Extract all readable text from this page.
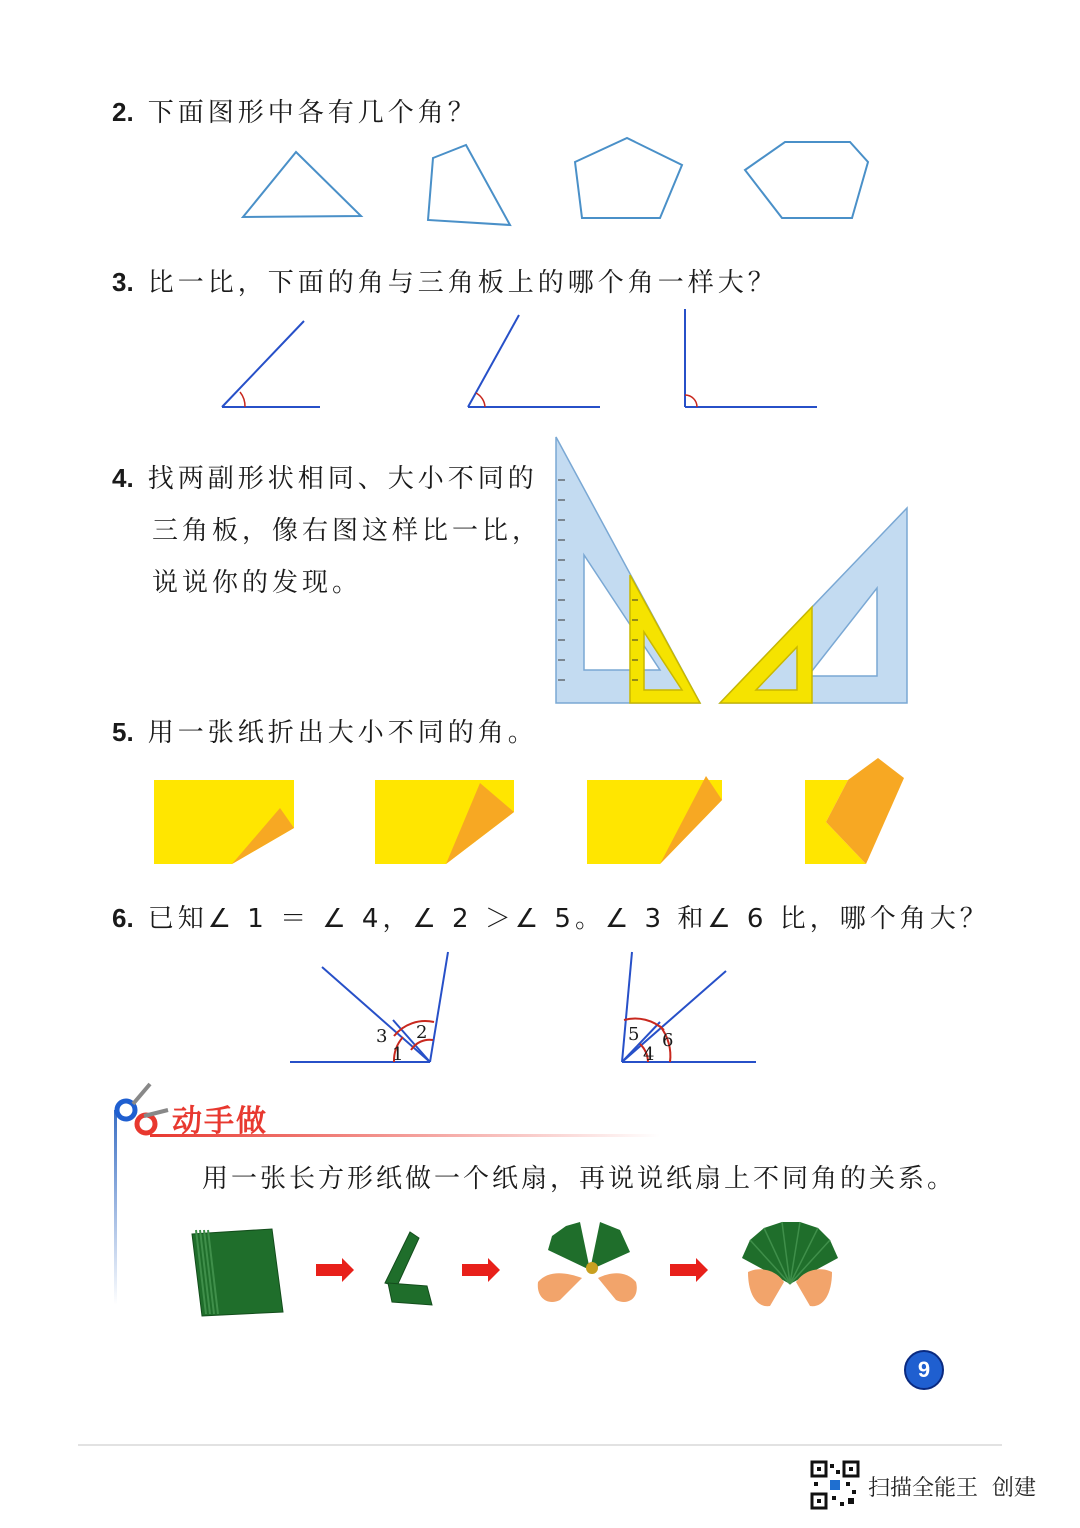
2. 下面图形中各有几个角？
3. 比一比，下面的角与三角板上的哪个角一样大？
4. 找两副形状相同、大小不同的
三角板，像右图这样比一比，
说说你的发现。
5. 用一张纸折出大小不同的角。
6. 已知∠ 1 ＝ ∠ 4，∠ 2 ＞∠ 5。∠ 3 和∠ 6 比，哪个角大？
3 2
1
5 6
4
动手做
用一张长方形纸做一个纸扇，再说说纸扇上不同角的关系。
9
扫描全能王  创建
